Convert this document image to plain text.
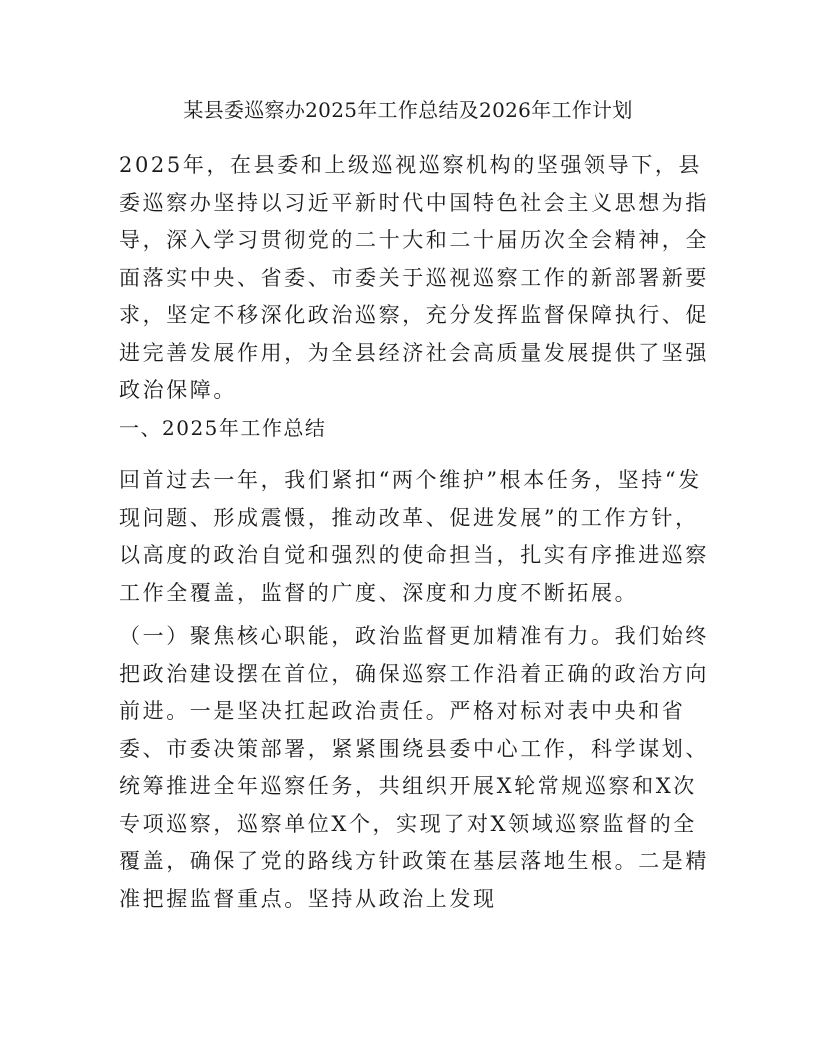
某县委巡察办2025年工作总结及2026年工作计划

2025年，在县委和上级巡视巡察机构的坚强领导下，县委巡察办坚持以习近平新时代中国特色社会主义思想为指导，深入学习贯彻党的二十大和二十届历次全会精神，全面落实中央、省委、市委关于巡视巡察工作的新部署新要求，坚定不移深化政治巡察，充分发挥监督保障执行、促进完善发展作用，为全县经济社会高质量发展提供了坚强政治保障。

一、2025年工作总结

回首过去一年，我们紧扣“两个维护”根本任务，坚持“发现问题、形成震慑，推动改革、促进发展”的工作方针，以高度的政治自觉和强烈的使命担当，扎实有序推进巡察工作全覆盖，监督的广度、深度和力度不断拓展。

（一）聚焦核心职能，政治监督更加精准有力。我们始终把政治建设摆在首位，确保巡察工作沿着正确的政治方向前进。一是坚决扛起政治责任。严格对标对表中央和省委、市委决策部署，紧紧围绕县委中心工作，科学谋划、统筹推进全年巡察任务，共组织开展X轮常规巡察和X次专项巡察，巡察单位X个，实现了对X领域巡察监督的全覆盖，确保了党的路线方针政策在基层落地生根。二是精准把握监督重点。坚持从政治上发现
